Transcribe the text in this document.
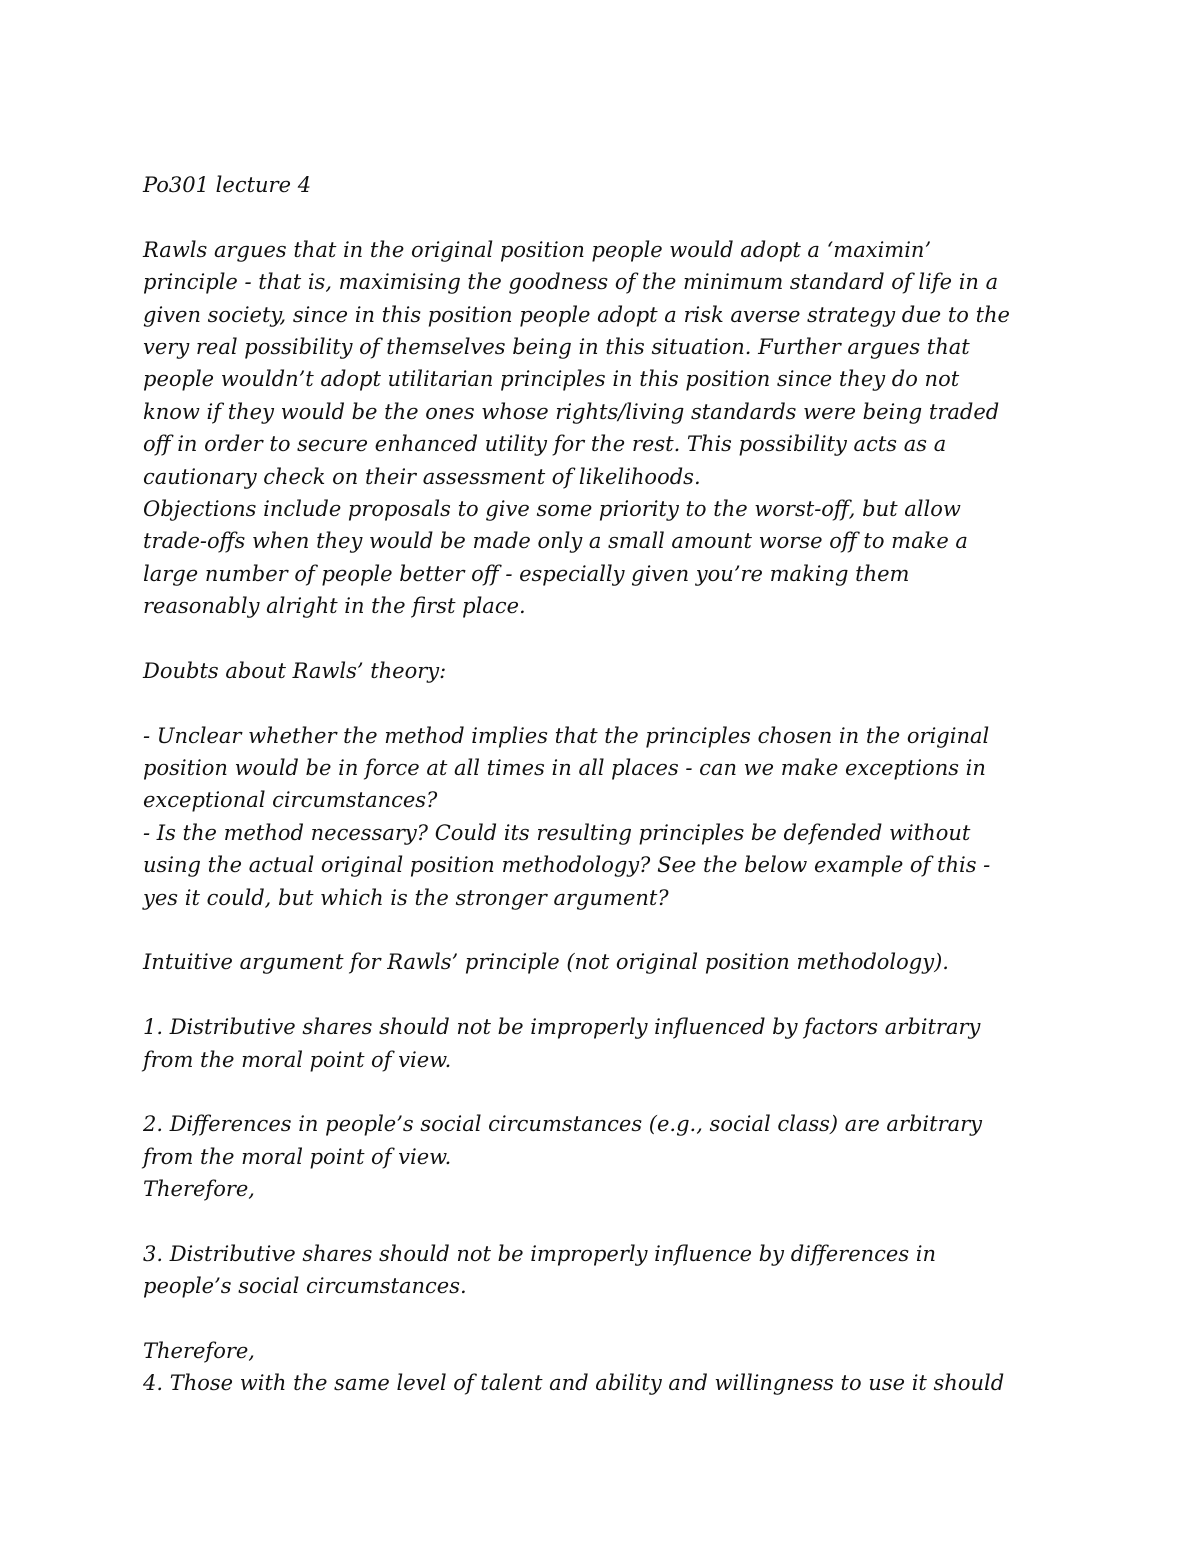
Po301 lecture 4
Rawls argues that in the original position people would adopt a ‘maximin’
principle - that is, maximising the goodness of the minimum standard of life in a
given society, since in this position people adopt a risk averse strategy due to the
very real possibility of themselves being in this situation. Further argues that
people wouldn’t adopt utilitarian principles in this position since they do not
know if they would be the ones whose rights/living standards were being traded
off in order to secure enhanced utility for the rest. This possibility acts as a
cautionary check on their assessment of likelihoods.
Objections include proposals to give some priority to the worst-off, but allow
trade-offs when they would be made only a small amount worse off to make a
large number of people better off - especially given you’re making them
reasonably alright in the first place.
Doubts about Rawls’ theory:
- Unclear whether the method implies that the principles chosen in the original
position would be in force at all times in all places - can we make exceptions in
exceptional circumstances?
- Is the method necessary? Could its resulting principles be defended without
using the actual original position methodology? See the below example of this -
yes it could, but which is the stronger argument?
Intuitive argument for Rawls’ principle (not original position methodology).
1. Distributive shares should not be improperly influenced by factors arbitrary
from the moral point of view.
2. Differences in people’s social circumstances (e.g., social class) are arbitrary
from the moral point of view.
Therefore,
3. Distributive shares should not be improperly influence by differences in
people’s social circumstances.
Therefore,
4. Those with the same level of talent and ability and willingness to use it should
